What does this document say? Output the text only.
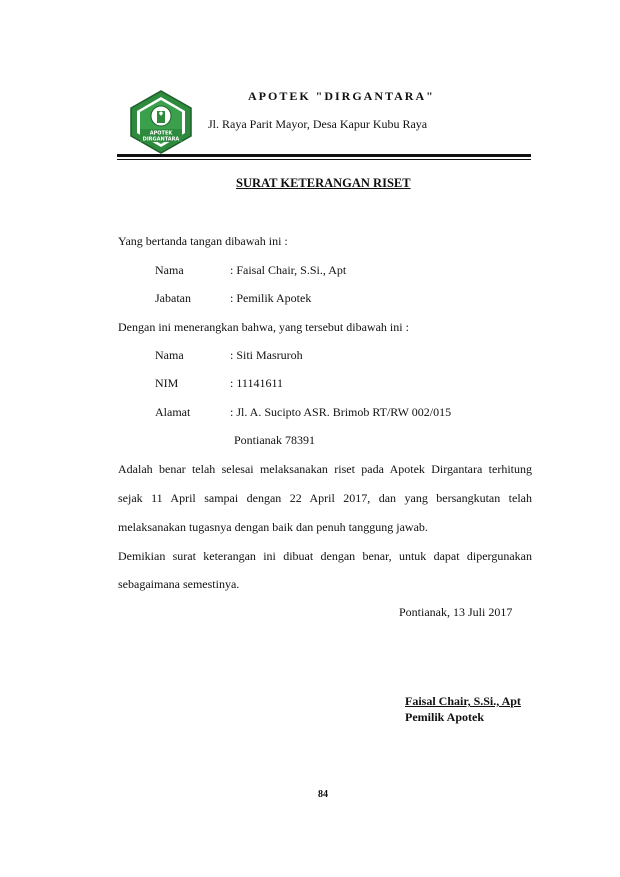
APOTEK
DIRGANTARA
APOTEK "DIRGANTARA"
Jl. Raya Parit Mayor, Desa Kapur Kubu Raya
SURAT KETERANGAN RISET
Yang bertanda tangan dibawah ini :
Nama	: Faisal Chair, S.Si., Apt
Jabatan	: Pemilik Apotek
Dengan ini menerangkan bahwa, yang tersebut dibawah ini :
Nama	: Siti Masruroh
NIM	: 11141611
Alamat	: Jl. A. Sucipto ASR. Brimob RT/RW 002/015
Pontianak 78391
Adalah benar telah selesai melaksanakan riset pada Apotek Dirgantara terhitung
sejak 11 April sampai dengan 22 April 2017, dan yang bersangkutan telah
melaksanakan tugasnya dengan baik dan penuh tanggung jawab.
Demikian surat keterangan ini dibuat dengan benar, untuk dapat dipergunakan
sebagaimana semestinya.
Pontianak, 13 Juli 2017
Faisal Chair, S.Si., Apt
Pemilik Apotek
84
